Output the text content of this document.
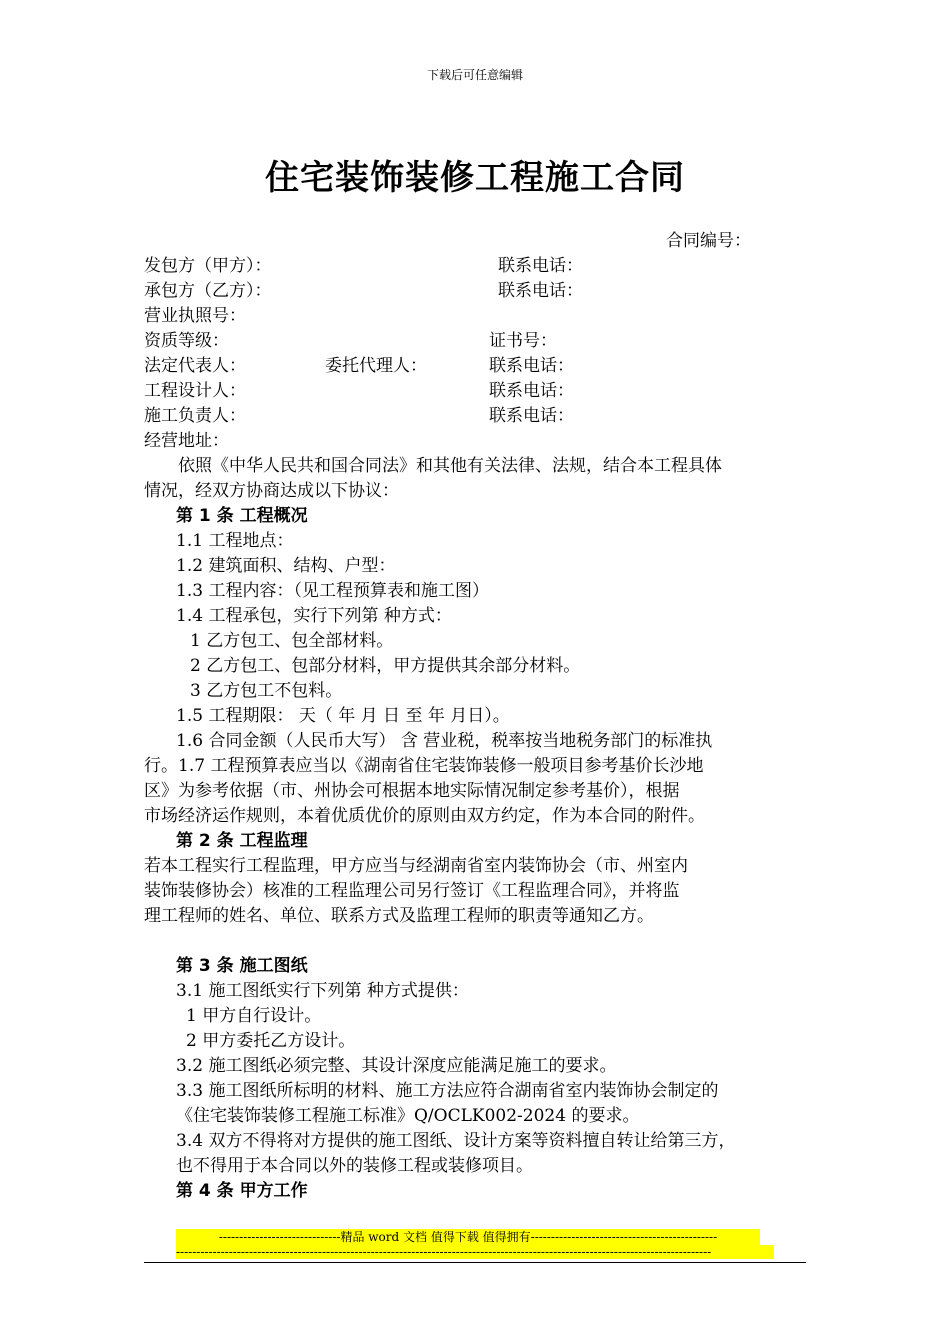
下载后可任意编辑
住宅装饰装修工程施工合同
合同编号：
发包方（甲方）：	联系电话：
承包方（乙方）：	联系电话：
营业执照号：
资质等级：	证书号：
法定代表人：	委托代理人：	联系电话：
工程设计人：	联系电话：
施工负责人：	联系电话：
经营地址：
依照《中华人民共和国合同法》和其他有关法律、法规，结合本工程具体
情况，经双方协商达成以下协议：
第 1 条 工程概况
1.1 工程地点：
1.2 建筑面积、结构、户型：
1.3 工程内容：（见工程预算表和施工图）
1.4 工程承包，实行下列第 种方式：
1 乙方包工、包全部材料。
2 乙方包工、包部分材料，甲方提供其余部分材料。
3 乙方包工不包料。
1.5 工程期限： 天（ 年 月 日 至 年 月日）。
1.6 合同金额（人民币大写） 含 营业税，税率按当地税务部门的标准执
行。1.7 工程预算表应当以《湖南省住宅装饰装修一般项目参考基价长沙地
区》为参考依据（市、州协会可根据本地实际情况制定参考基价），根据
市场经济运作规则，本着优质优价的原则由双方约定，作为本合同的附件。
第 2 条 工程监理
若本工程实行工程监理，甲方应当与经湖南省室内装饰协会（市、州室内
装饰装修协会）核准的工程监理公司另行签订《工程监理合同》，并将监
理工程师的姓名、单位、联系方式及监理工程师的职责等通知乙方。
第 3 条 施工图纸
3.1 施工图纸实行下列第 种方式提供：
1 甲方自行设计。
2 甲方委托乙方设计。
3.2 施工图纸必须完整、其设计深度应能满足施工的要求。
3.3 施工图纸所标明的材料、施工方法应符合湖南省室内装饰协会制定的
《住宅装饰装修工程施工标准》Q/OCLK002-2024 的要求。
3.4 双方不得将对方提供的施工图纸、设计方案等资料擅自转让给第三方，
也不得用于本合同以外的装修工程或装修项目。
第 4 条 甲方工作
------------------------------精品 word 文档 值得下载 值得拥有----------------------------------------------
------------------------------------------------------------------------------------------------------------------------------------
